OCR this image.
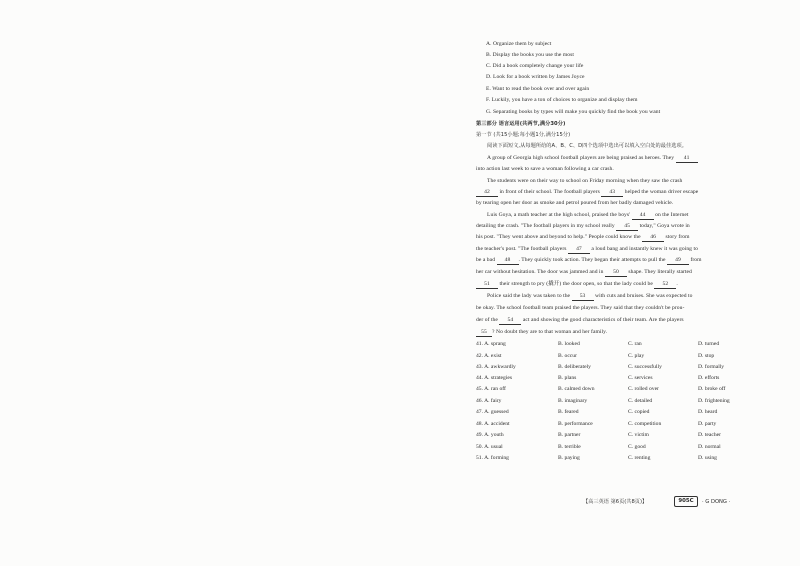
A. Organize them by subject
B. Display the books you use the most
C. Did a book completely change your life
D. Look for a book written by James Joyce
E. Want to read the book over and over again
F. Luckily, you have a ton of choices to organize and display them
G. Separating books by types will make you quickly find the book you want
第三部分 语言运用(共两节,满分30分)
第一节 (共15小题;每小题1分,满分15分)
阅读下面短文,从每题所给的A、B、C、D四个选项中选出可以填入空白处的最佳选项。
A group of Georgia high school football players are being praised as heroes. They 41
into action last week to save a woman following a car crash.
The students were on their way to school on Friday morning when they saw the crash
42 in front of their school. The football players 43 helped the woman driver escape
by tearing open her door as smoke and petrol poured from her badly damaged vehicle.
Luis Goya, a math teacher at the high school, praised the boys' 44 on the Internet
detailing the crash. "The football players in my school really 45 today," Goya wrote in
his post. "They went above and beyond to help." People could know the 46 story from
the teacher's post. "The football players 47 a loud bang and instantly knew it was going to
be a bad 48 . They quickly took action. They began their attempts to pull the 49 from
her car without hesitation. The door was jammed and in 50 shape. They literally started
51 their strength to pry (撬开) the door open, so that the lady could be 52 .
Police said the lady was taken to the 53 with cuts and bruises. She was expected to
be okay. The school football team praised the players. They said that they couldn't be prou-
der of the 54 act and showing the good characteristics of their team. Are the players
55 ? No doubt they are to that woman and her family.
41. A. sprang	B. looked	C. ran	D. turned
42. A. exist	B. occur	C. play	D. stop
43. A. awkwardly	B. deliberately	C. successfully	D. formally
44. A. strategies	B. plans	C. services	D. efforts
45. A. ran off	B. calmed down	C. rolled over	D. broke off
46. A. fairy	B. imaginary	C. detailed	D. frightening
47. A. guessed	B. feared	C. copied	D. heard
48. A. accident	B. performance	C. competition	D. party
49. A. youth	B. partner	C. victim	D. teacher
50. A. usual	B. terrible	C. good	D. normal
51. A. forming	B. paying	C. renting	D. using
【高三英语 第6页(共8页)】	905C	· G DONG ·
